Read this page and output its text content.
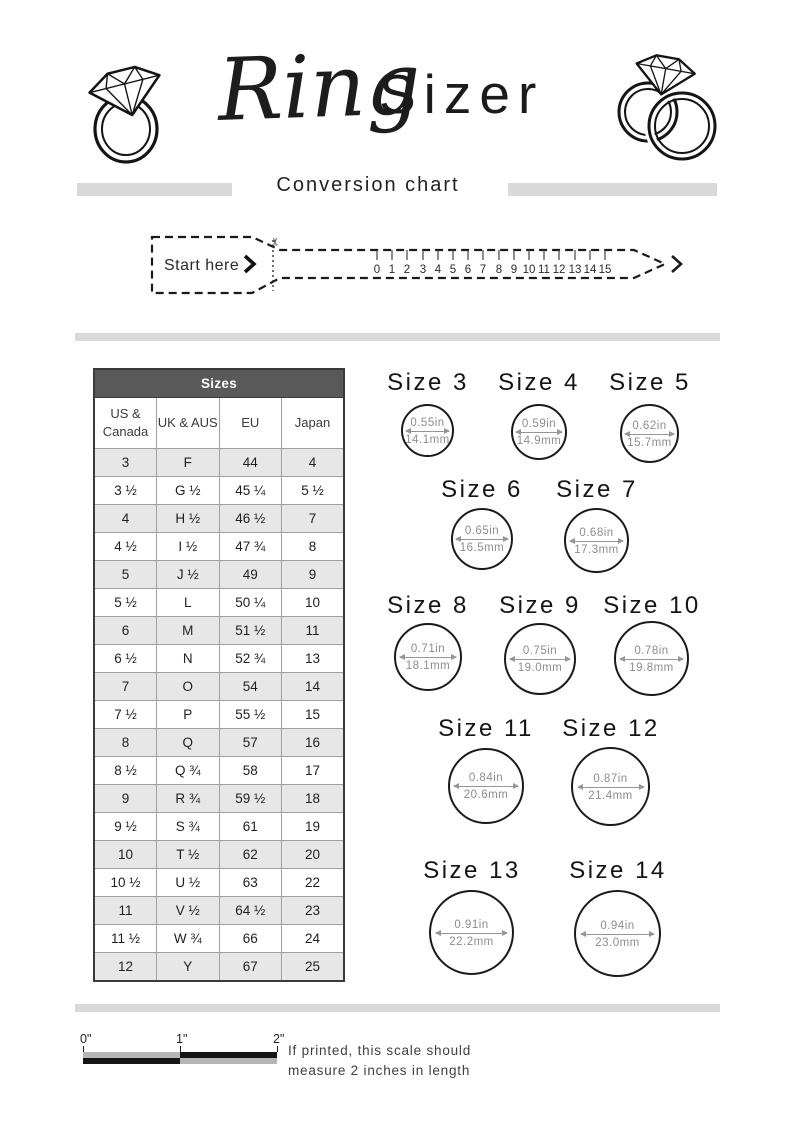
Ring
Sizer
Conversion chart
✂
Start here	0 1 2 3 4 5 6 7 8 9 10 11 12 13 14 15
Sizes			
US & Canada	UK & AUS	EU	Japan
3	F	44	4
3 ½	G ½	45 ¼	5 ½
4	H ½	46 ½	7
4 ½	I ½	47 ¾	8
5	J ½	49	9
5 ½	L	50 ¼	10
6	M	51 ½	11
6 ½	N	52 ¾	13
7	O	54	14
7 ½	P	55 ½	15
8	Q	57	16
8 ½	Q ¾	58	17
9	R ¾	59 ½	18
9 ½	S ¾	61	19
10	T ½	62	20
10 ½	U ½	63	22
11	V ½	64 ½	23
11 ½	W ¾	66	24
12	Y	67	25
Size 3
0.55in
14.1mm
Size 4
0.59in
14.9mm
Size 5
0.62in
15.7mm
Size 6
0.65in
16.5mm
Size 7
0.68in
17.3mm
Size 8
0.71in
18.1mm
Size 9
0.75in
19.0mm
Size 10
0.78in
19.8mm
Size 11
0.84in
20.6mm
Size 12
0.87in
21.4mm
Size 13
0.91in
22.2mm
Size 14
0.94in
23.0mm
0"	1"	2"
If printed, this scale should
measure 2 inches in length
